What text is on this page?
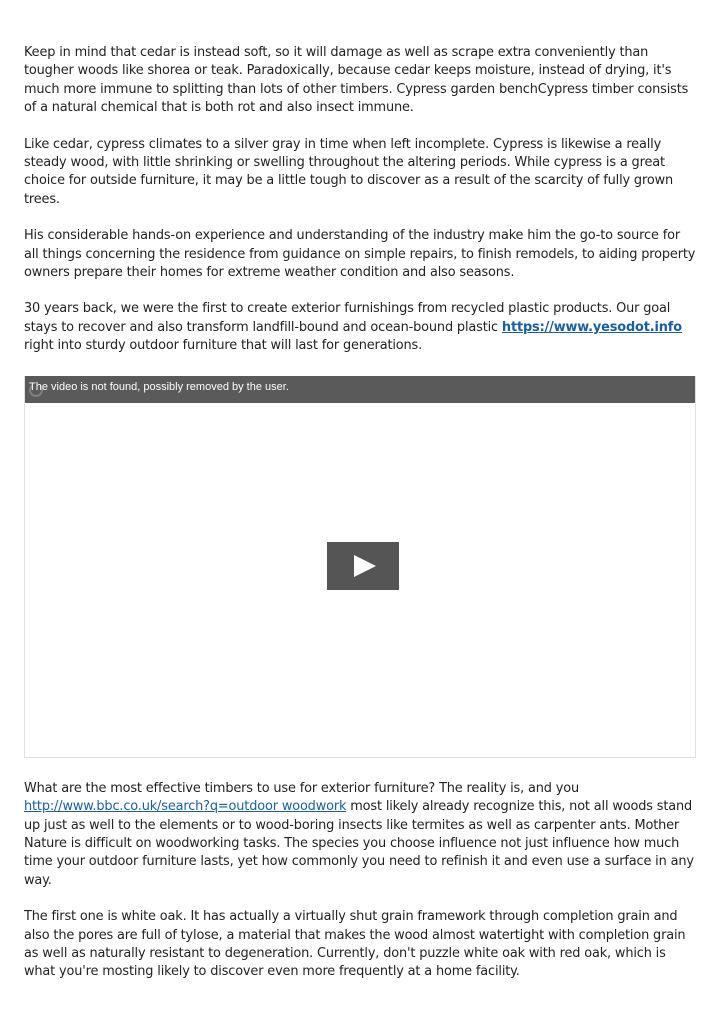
Keep in mind that cedar is instead soft, so it will damage as well as scrape extra conveniently than tougher woods like shorea or teak. Paradoxically, because cedar keeps moisture, instead of drying, it's much more immune to splitting than lots of other timbers. Cypress garden benchCypress timber consists of a natural chemical that is both rot and also insect immune.

Like cedar, cypress climates to a silver gray in time when left incomplete. Cypress is likewise a really steady wood, with little shrinking or swelling throughout the altering periods. While cypress is a great choice for outside furniture, it may be a little tough to discover as a result of the scarcity of fully grown trees.

His considerable hands-on experience and understanding of the industry make him the go-to source for all things concerning the residence from guidance on simple repairs, to finish remodels, to aiding property owners prepare their homes for extreme weather condition and also seasons.

30 years back, we were the first to create exterior furnishings from recycled plastic products. Our goal stays to recover and also transform landfill-bound and ocean-bound plastic https://www.yesodot.info right into sturdy outdoor furniture that will last for generations.

The video is not found, possibly removed by the user.

What are the most effective timbers to use for exterior furniture? The reality is, and you http://www.bbc.co.uk/search?q=outdoor woodwork most likely already recognize this, not all woods stand up just as well to the elements or to wood-boring insects like termites as well as carpenter ants. Mother Nature is difficult on woodworking tasks. The species you choose influence not just influence how much time your outdoor furniture lasts, yet how commonly you need to refinish it and even use a surface in any way.

The first one is white oak. It has actually a virtually shut grain framework through completion grain and also the pores are full of tylose, a material that makes the wood almost watertight with completion grain as well as naturally resistant to degeneration. Currently, don't puzzle white oak with red oak, which is what you're mosting likely to discover even more frequently at a home facility.
